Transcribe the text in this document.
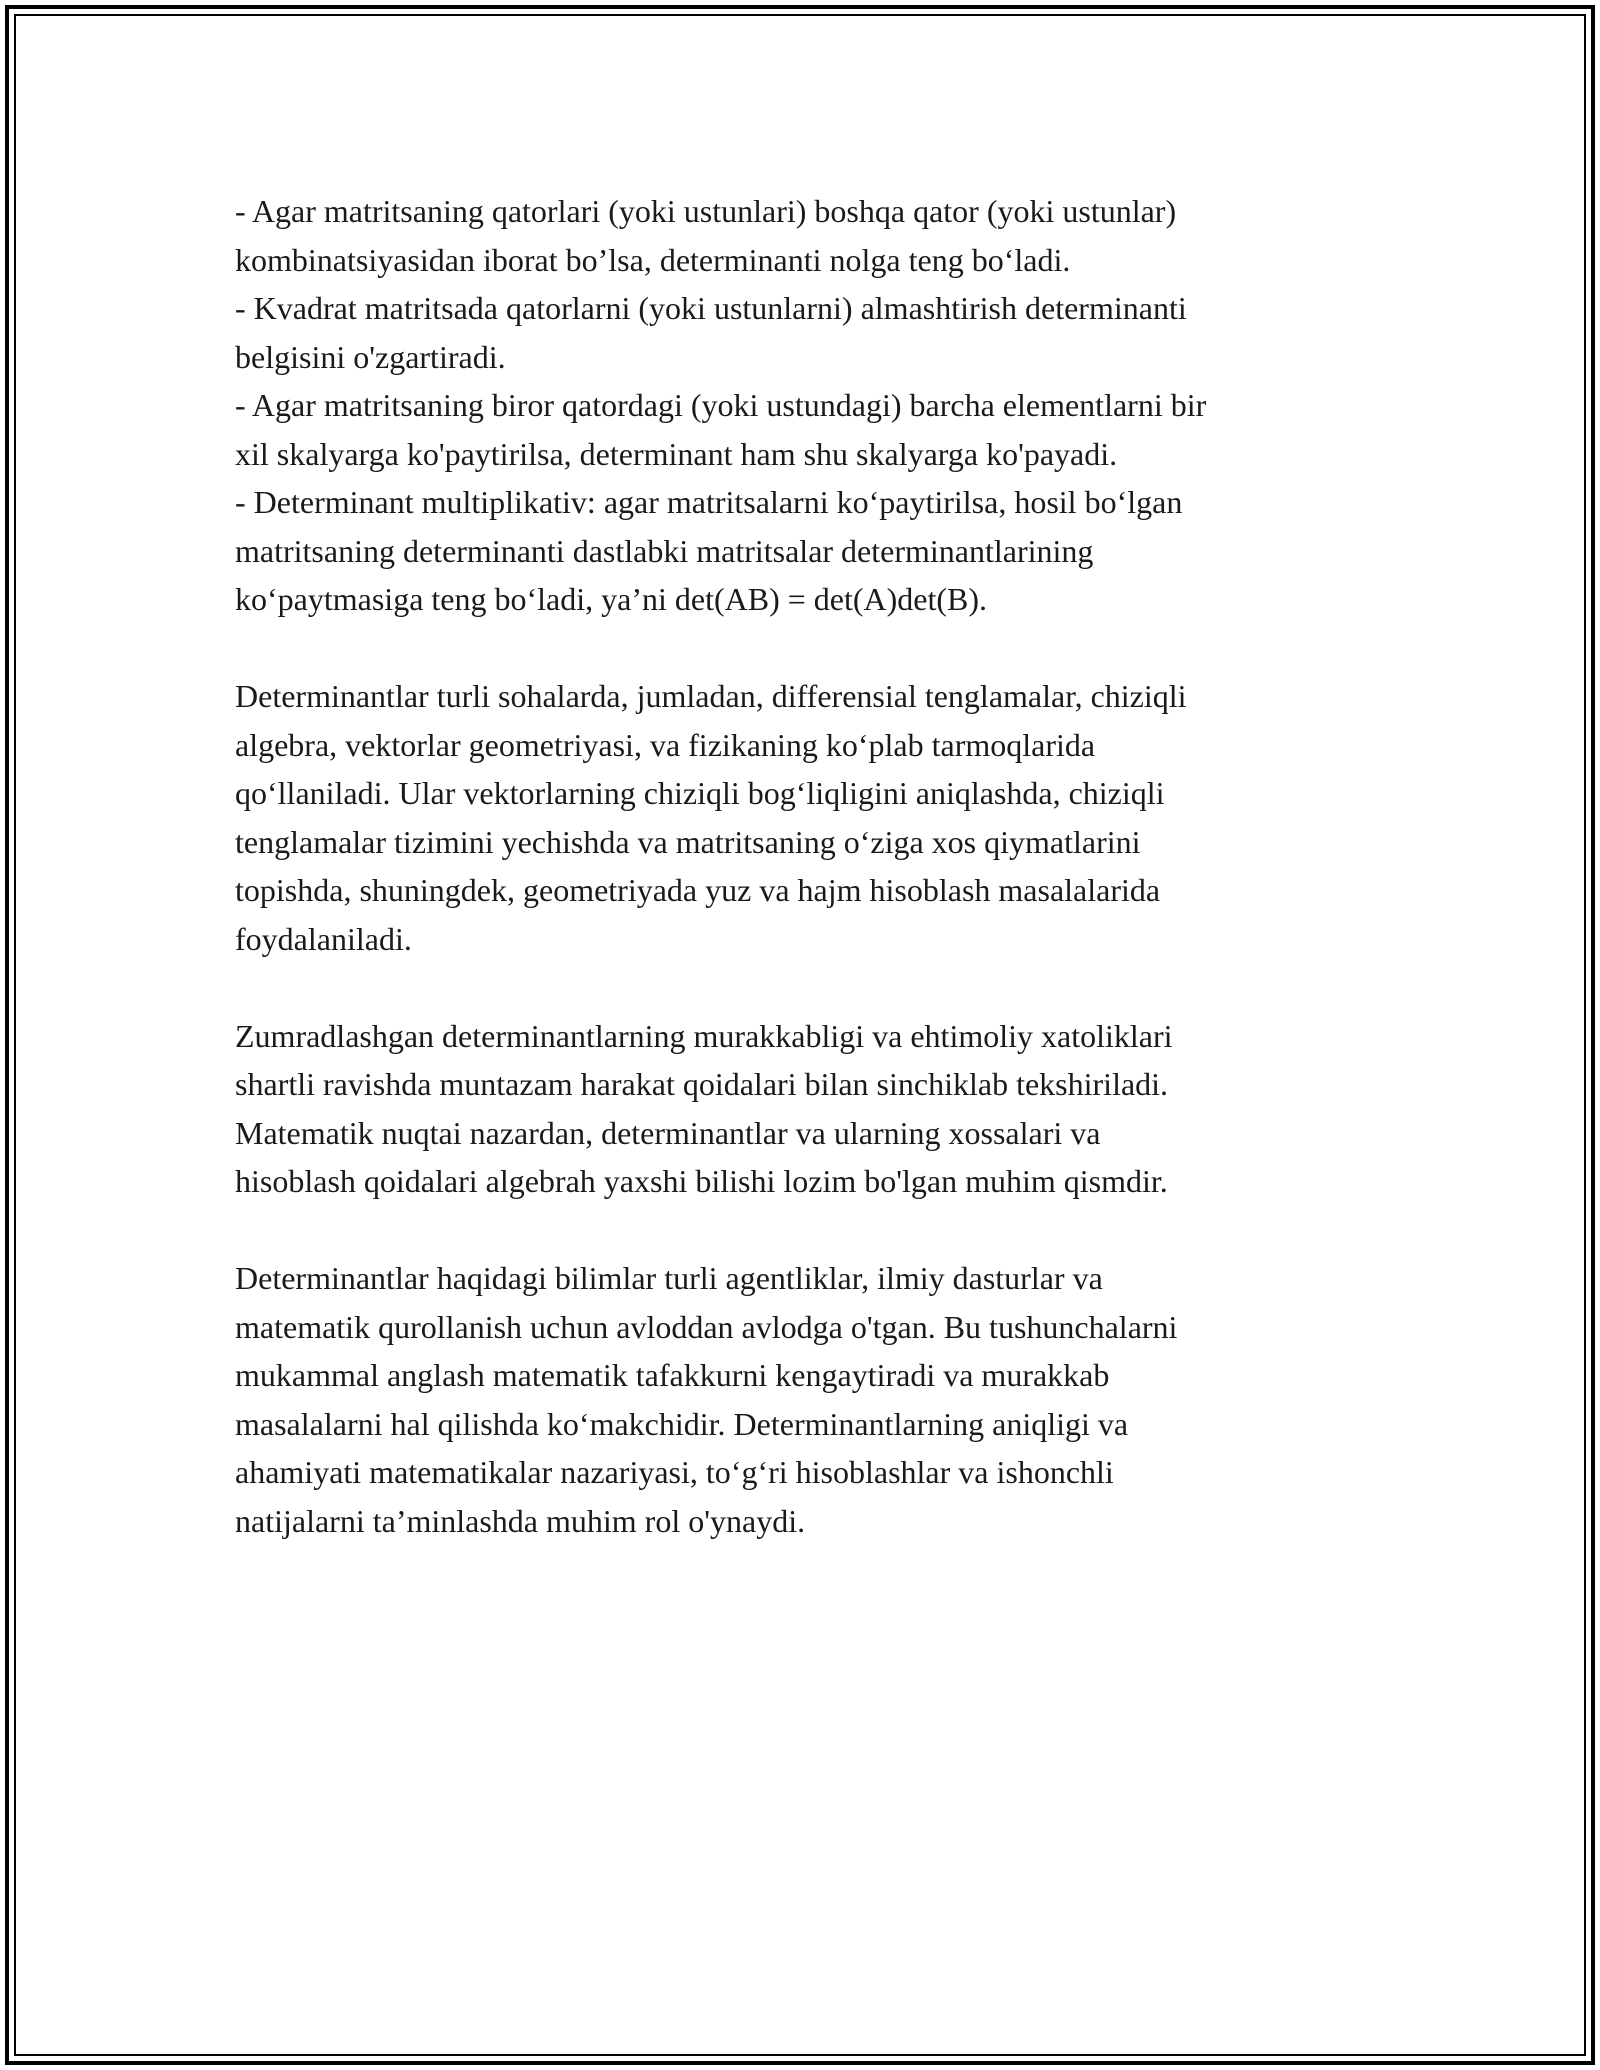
- Agar matritsaning qatorlari (yoki ustunlari) boshqa qator (yoki ustunlar)
kombinatsiyasidan iborat bo’lsa, determinanti nolga teng bo‘ladi.
- Kvadrat matritsada qatorlarni (yoki ustunlarni) almashtirish determinanti
belgisini o'zgartiradi.
- Agar matritsaning biror qatordagi (yoki ustundagi) barcha elementlarni bir
xil skalyarga ko'paytirilsa, determinant ham shu skalyarga ko'payadi.
- Determinant multiplikativ: agar matritsalarni ko‘paytirilsa, hosil bo‘lgan
matritsaning determinanti dastlabki matritsalar determinantlarining
ko‘paytmasiga teng bo‘ladi, ya’ni det(AB) = det(A)det(B).
Determinantlar turli sohalarda, jumladan, differensial tenglamalar, chiziqli
algebra, vektorlar geometriyasi, va fizikaning ko‘plab tarmoqlarida
qo‘llaniladi. Ular vektorlarning chiziqli bog‘liqligini aniqlashda, chiziqli
tenglamalar tizimini yechishda va matritsaning o‘ziga xos qiymatlarini
topishda, shuningdek, geometriyada yuz va hajm hisoblash masalalarida
foydalaniladi.
Zumradlashgan determinantlarning murakkabligi va ehtimoliy xatoliklari
shartli ravishda muntazam harakat qoidalari bilan sinchiklab tekshiriladi.
Matematik nuqtai nazardan, determinantlar va ularning xossalari va
hisoblash qoidalari algebrah yaxshi bilishi lozim bo'lgan muhim qismdir.
Determinantlar haqidagi bilimlar turli agentliklar, ilmiy dasturlar va
matematik qurollanish uchun avloddan avlodga o'tgan. Bu tushunchalarni
mukammal anglash matematik tafakkurni kengaytiradi va murakkab
masalalarni hal qilishda ko‘makchidir. Determinantlarning aniqligi va
ahamiyati matematikalar nazariyasi, to‘g‘ri hisoblashlar va ishonchli
natijalarni ta’minlashda muhim rol o'ynaydi.
